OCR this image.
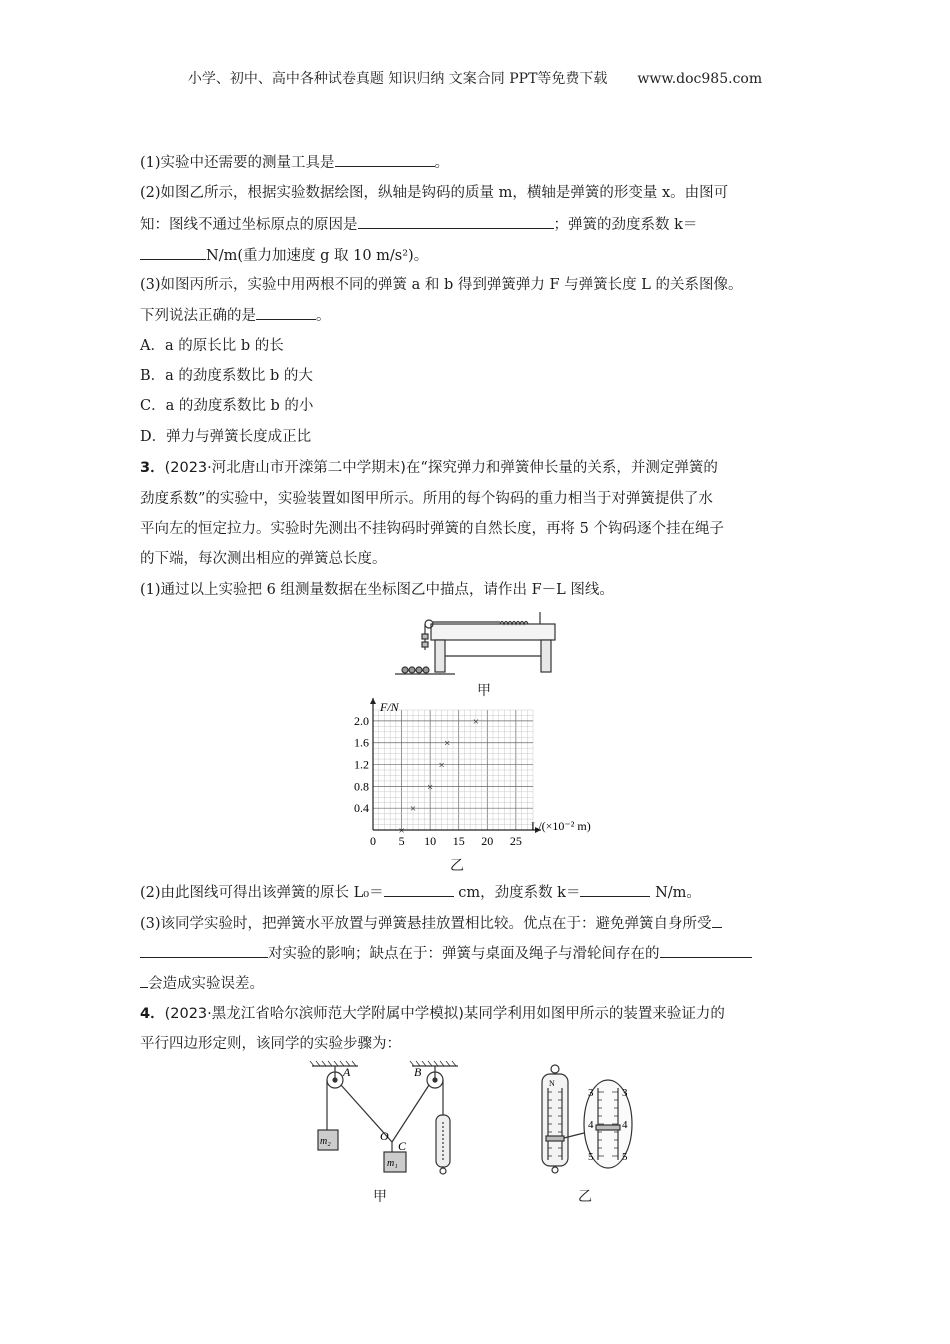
小学、初中、高中各种试卷真题 知识归纳 文案合同 PPT等免费下载 www.doc985.com
(1)实验中还需要的测量工具是	。
(2)如图乙所示，根据实验数据绘图，纵轴是钩码的质量 m，横轴是弹簧的形变量 x。由图可
知：图线不通过坐标原点的原因是	；弹簧的劲度系数 k＝
N/m(重力加速度 g 取 10 m/s²)。
(3)如图丙所示，实验中用两根不同的弹簧 a 和 b 得到弹簧弹力 F 与弹簧长度 L 的关系图像。
下列说法正确的是	。
A．a 的原长比 b 的长
B．a 的劲度系数比 b 的大
C．a 的劲度系数比 b 的小
D．弹力与弹簧长度成正比
3．(2023·河北唐山市开滦第二中学期末)在“探究弹力和弹簧伸长量的关系，并测定弹簧的
劲度系数”的实验中，实验装置如图甲所示。所用的每个钩码的重力相当于对弹簧提供了水
平向左的恒定拉力。实验时先测出不挂钩码时弹簧的自然长度，再将 5 个钩码逐个挂在绳子
的下端，每次测出相应的弹簧总长度。
(1)通过以上实验把 6 组测量数据在坐标图乙中描点，请作出 F－L 图线。
甲
0 5 10 15 20 25
0.4
0.8
1.2
1.6
2.0
×
×
×
×
×
×
F/N
L/(×10⁻² m)
乙
(2)由此图线可得出该弹簧的原长 L₀＝	cm，劲度系数 k＝	N/m。
(3)该同学实验时，把弹簧水平放置与弹簧悬挂放置相比较。优点在于：避免弹簧自身所受
对实验的影响；缺点在于：弹簧与桌面及绳子与滑轮间存在的
会造成实验误差。
4．(2023·黑龙江省哈尔滨师范大学附属中学模拟)某同学利用如图甲所示的装置来验证力的
平行四边形定则，该同学的实验步骤为：
A	B
O
C
m₂
m₁
甲
N
3	3
4	4
5	5
乙
